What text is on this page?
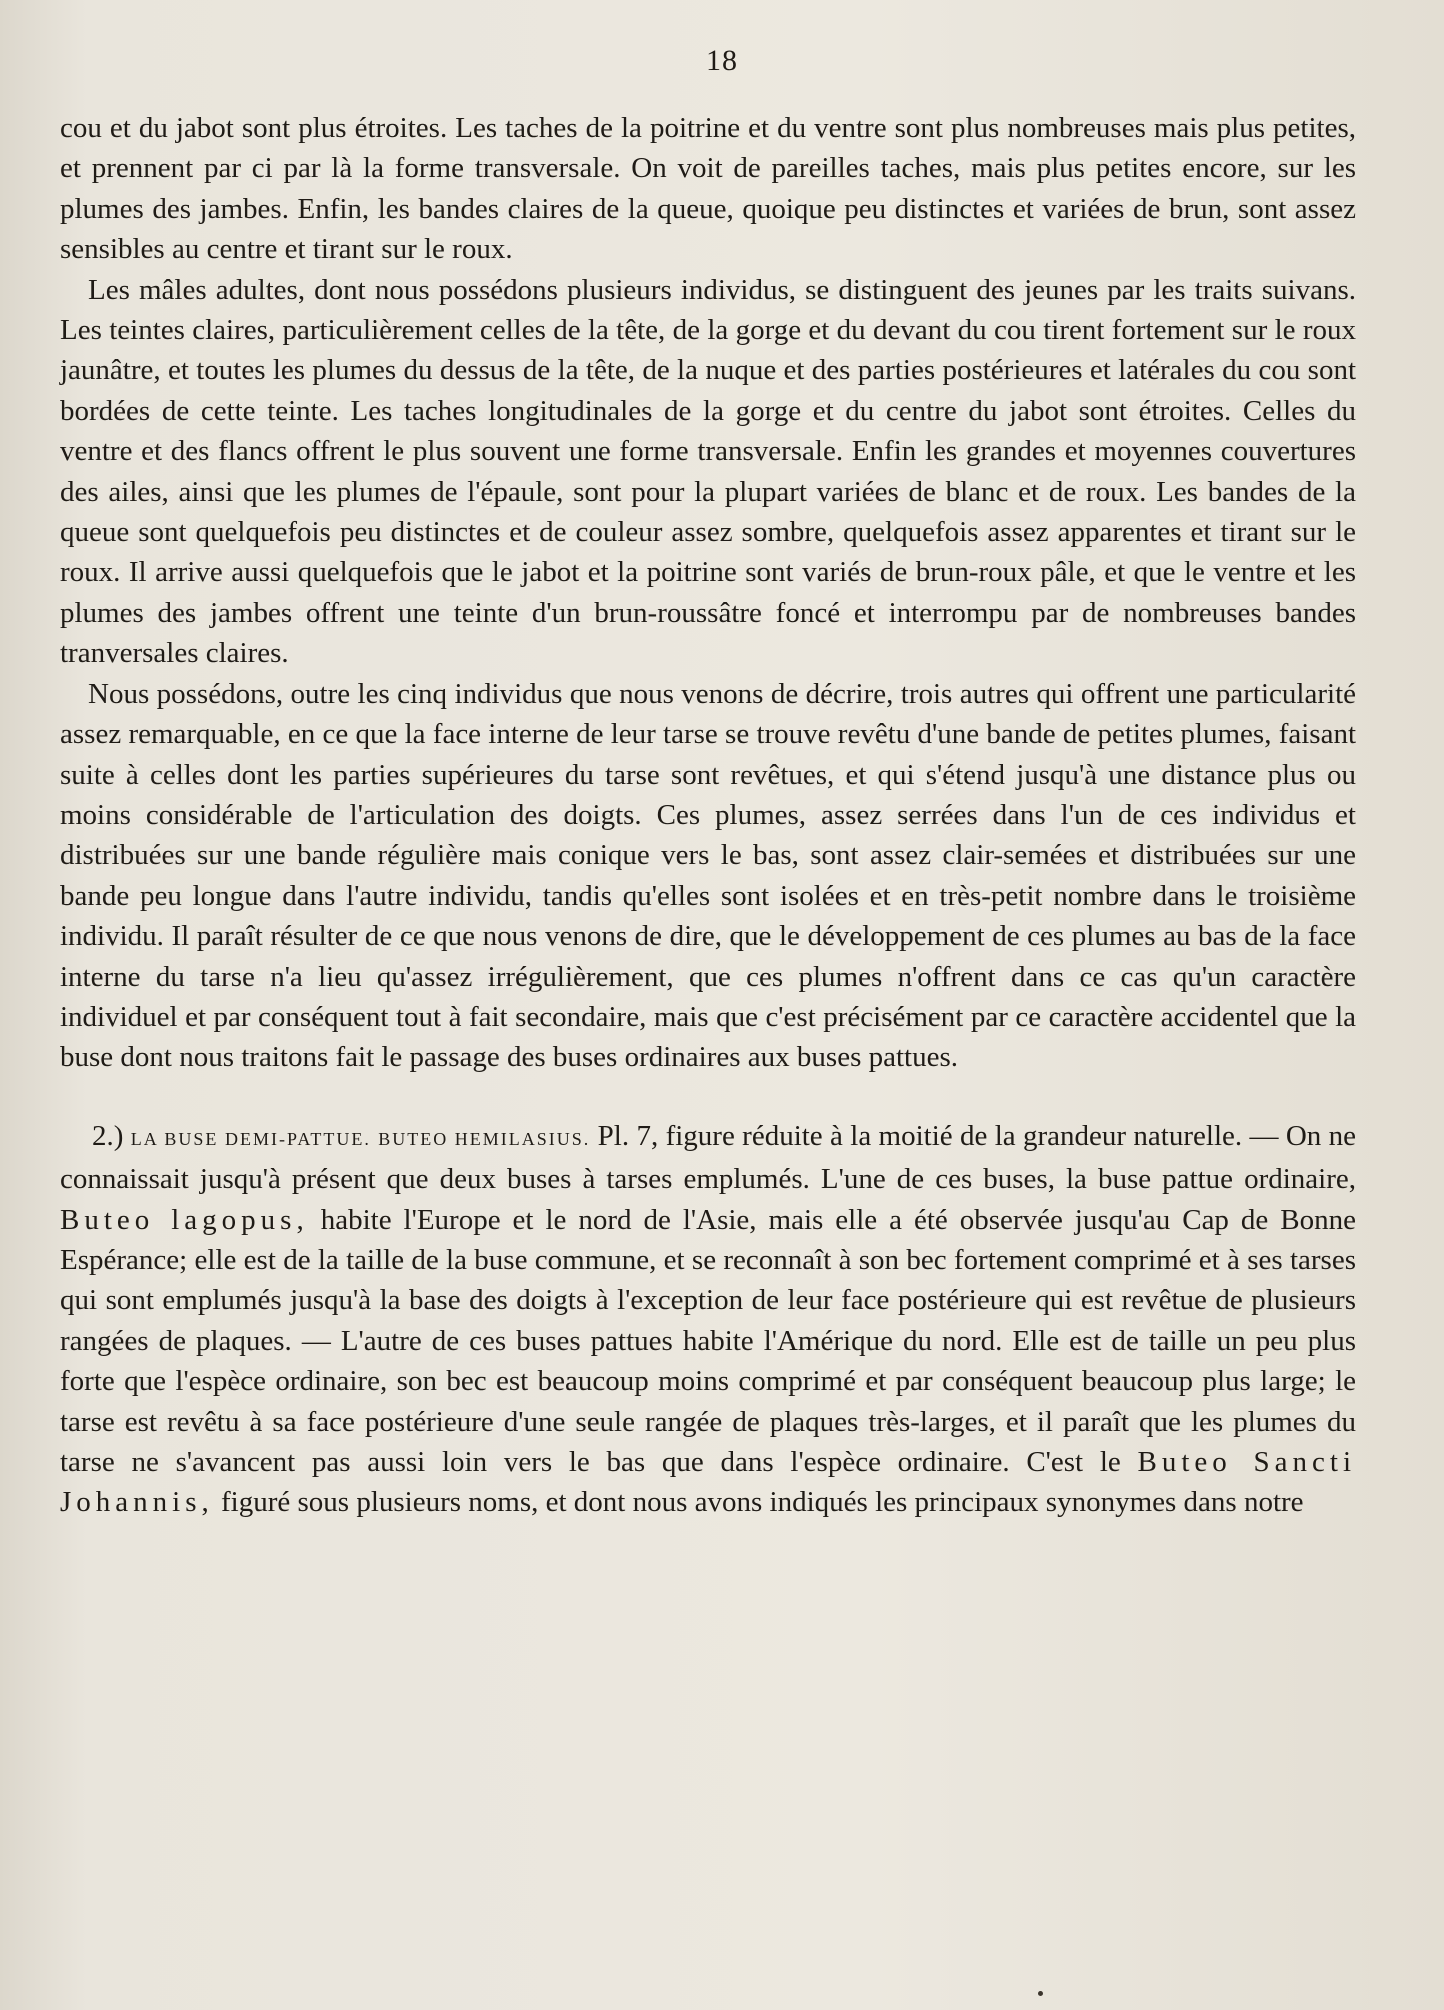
18

cou et du jabot sont plus étroites. Les taches de la poitrine et du ventre sont plus nombreuses mais plus petites, et prennent par ci par là la forme transversale. On voit de pareilles taches, mais plus petites encore, sur les plumes des jambes. Enfin, les bandes claires de la queue, quoique peu distinctes et variées de brun, sont assez sensibles au centre et tirant sur le roux.

Les mâles adultes, dont nous possédons plusieurs individus, se distinguent des jeunes par les traits suivans. Les teintes claires, particulièrement celles de la tête, de la gorge et du devant du cou tirent fortement sur le roux jaunâtre, et toutes les plumes du dessus de la tête, de la nuque et des parties postérieures et latérales du cou sont bordées de cette teinte. Les taches longitudinales de la gorge et du centre du jabot sont étroites. Celles du ventre et des flancs offrent le plus souvent une forme transversale. Enfin les grandes et moyennes couvertures des ailes, ainsi que les plumes de l'épaule, sont pour la plupart variées de blanc et de roux. Les bandes de la queue sont quelquefois peu distinctes et de couleur assez sombre, quelquefois assez apparentes et tirant sur le roux. Il arrive aussi quelquefois que le jabot et la poitrine sont variés de brun-roux pâle, et que le ventre et les plumes des jambes offrent une teinte d'un brun-roussâtre foncé et interrompu par de nombreuses bandes tranversales claires.

Nous possédons, outre les cinq individus que nous venons de décrire, trois autres qui offrent une particularité assez remarquable, en ce que la face interne de leur tarse se trouve revêtu d'une bande de petites plumes, faisant suite à celles dont les parties supérieures du tarse sont revêtues, et qui s'étend jusqu'à une distance plus ou moins considérable de l'articulation des doigts. Ces plumes, assez serrées dans l'un de ces individus et distribuées sur une bande régulière mais conique vers le bas, sont assez clair-semées et distribuées sur une bande peu longue dans l'autre individu, tandis qu'elles sont isolées et en très-petit nombre dans le troisième individu. Il paraît résulter de ce que nous venons de dire, que le développement de ces plumes au bas de la face interne du tarse n'a lieu qu'assez irrégulièrement, que ces plumes n'offrent dans ce cas qu'un caractère individuel et par conséquent tout à fait secondaire, mais que c'est précisément par ce caractère accidentel que la buse dont nous traitons fait le passage des buses ordinaires aux buses pattues.

2.) LA BUSE DEMI-PATTUE. BUTEO HEMILASIUS. Pl. 7, figure réduite à la moitié de la grandeur naturelle. — On ne connaissait jusqu'à présent que deux buses à tarses emplumés. L'une de ces buses, la buse pattue ordinaire, Buteo lagopus, habite l'Europe et le nord de l'Asie, mais elle a été observée jusqu'au Cap de Bonne Espérance; elle est de la taille de la buse commune, et se reconnaît à son bec fortement comprimé et à ses tarses qui sont emplumés jusqu'à la base des doigts à l'exception de leur face postérieure qui est revêtue de plusieurs rangées de plaques. — L'autre de ces buses pattues habite l'Amérique du nord. Elle est de taille un peu plus forte que l'espèce ordinaire, son bec est beaucoup moins comprimé et par conséquent beaucoup plus large; le tarse est revêtu à sa face postérieure d'une seule rangée de plaques très-larges, et il paraît que les plumes du tarse ne s'avancent pas aussi loin vers le bas que dans l'espèce ordinaire. C'est le Buteo Sancti Johannis, figuré sous plusieurs noms, et dont nous avons indiqués les principaux synonymes dans notre
